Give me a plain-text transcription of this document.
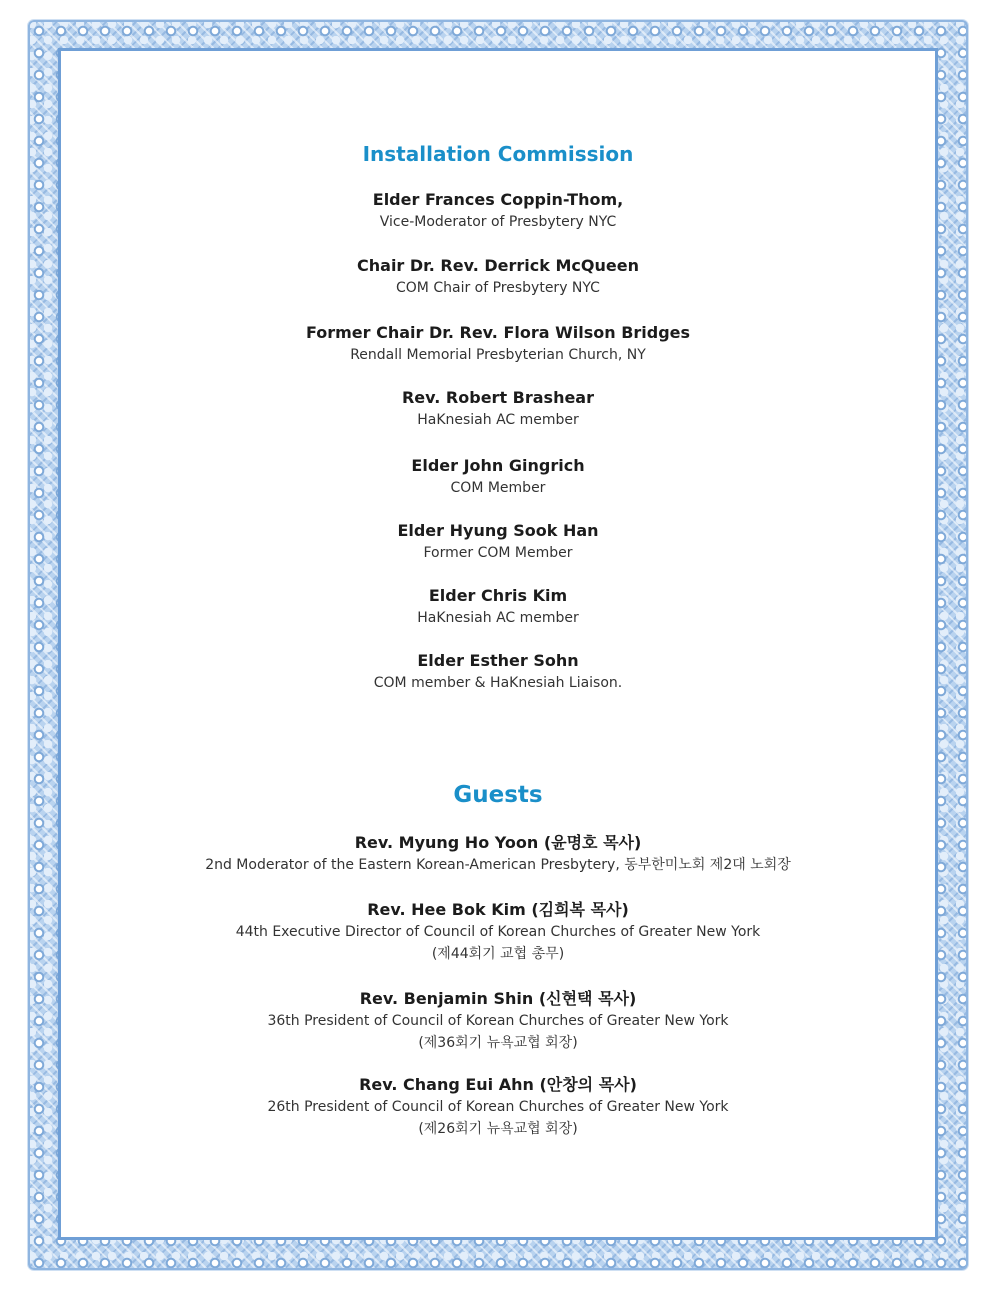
Installation Commission
Elder Frances Coppin-Thom,
Vice-Moderator of Presbytery NYC
Chair Dr. Rev. Derrick McQueen
COM Chair of Presbytery NYC
Former Chair Dr. Rev. Flora Wilson Bridges
Rendall Memorial Presbyterian Church, NY
Rev. Robert Brashear
HaKnesiah AC member
Elder John Gingrich
COM Member
Elder Hyung Sook Han
Former COM Member
Elder Chris Kim
HaKnesiah AC member
Elder Esther Sohn
COM member & HaKnesiah Liaison.
Guests
Rev. Myung Ho Yoon (윤명호 목사)
2nd Moderator of the Eastern Korean-American Presbytery, 동부한미노회 제2대 노회장
Rev. Hee Bok Kim (김희복 목사)
44th Executive Director of Council of Korean Churches of Greater New York
(제44회기 교협 총무)
Rev. Benjamin Shin (신현택 목사)
36th President of Council of Korean Churches of Greater New York
(제36회기 뉴욕교협 회장)
Rev. Chang Eui Ahn (안창의 목사)
26th President of Council of Korean Churches of Greater New York
(제26회기 뉴욕교협 회장)
